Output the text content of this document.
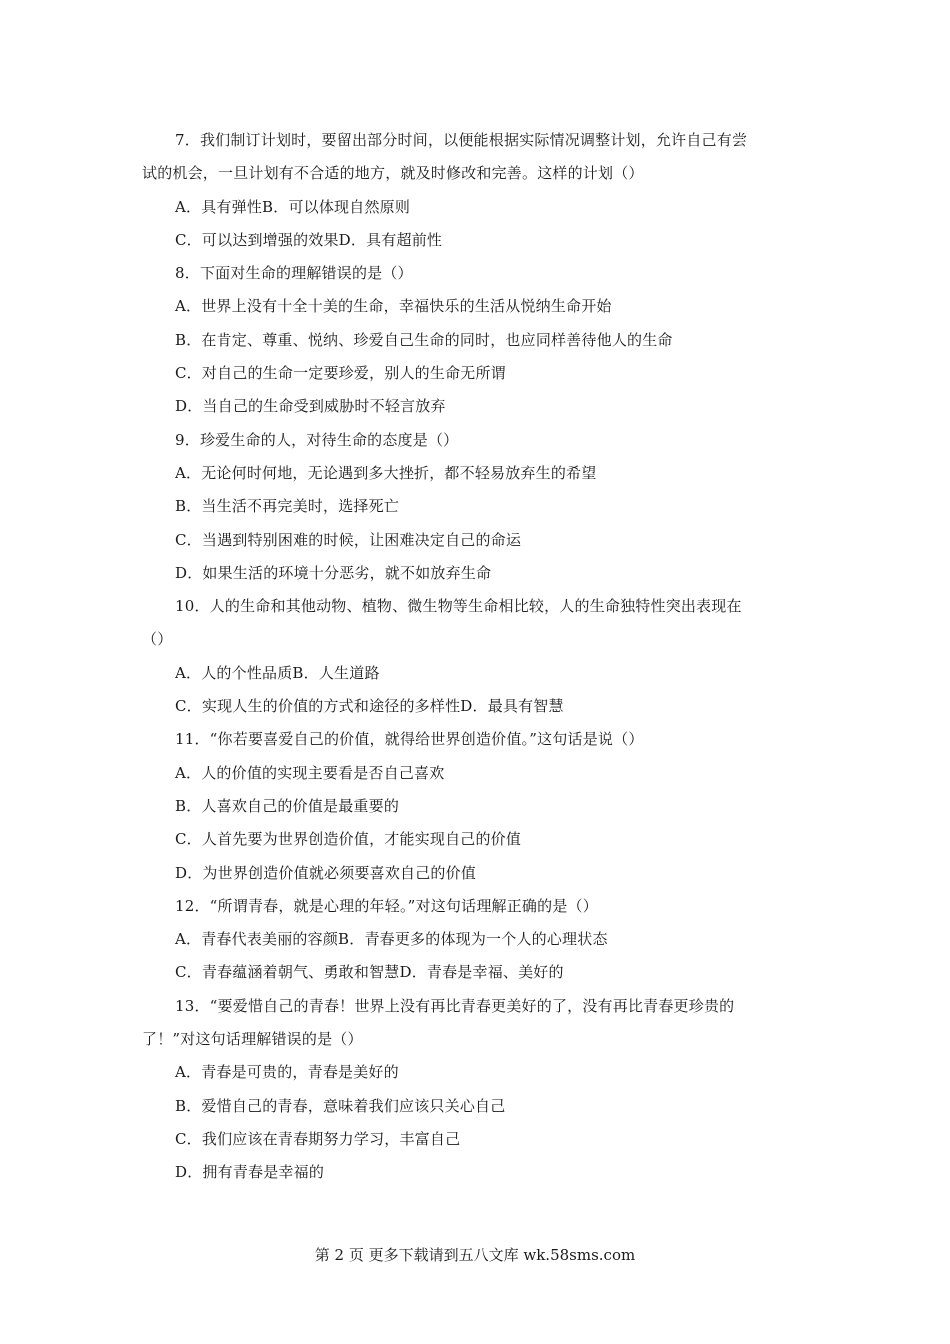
7．我们制订计划时，要留出部分时间，以便能根据实际情况调整计划，允许自己有尝
试的机会，一旦计划有不合适的地方，就及时修改和完善。这样的计划（）
A．具有弹性B．可以体现自然原则
C．可以达到增强的效果D．具有超前性
8．下面对生命的理解错误的是（）
A．世界上没有十全十美的生命，幸福快乐的生活从悦纳生命开始
B．在肯定、尊重、悦纳、珍爱自己生命的同时，也应同样善待他人的生命
C．对自己的生命一定要珍爱，别人的生命无所谓
D．当自己的生命受到威胁时不轻言放弃
9．珍爱生命的人，对待生命的态度是（）
A．无论何时何地，无论遇到多大挫折，都不轻易放弃生的希望
B．当生活不再完美时，选择死亡
C．当遇到特别困难的时候，让困难决定自己的命运
D．如果生活的环境十分恶劣，就不如放弃生命
10．人的生命和其他动物、植物、微生物等生命相比较，人的生命独特性突出表现在
（）
A．人的个性品质B．人生道路
C．实现人生的价值的方式和途径的多样性D．最具有智慧
11．“你若要喜爱自己的价值，就得给世界创造价值。”这句话是说（）
A．人的价值的实现主要看是否自己喜欢
B．人喜欢自己的价值是最重要的
C．人首先要为世界创造价值，才能实现自己的价值
D．为世界创造价值就必须要喜欢自己的价值
12．“所谓青春，就是心理的年轻。”对这句话理解正确的是（）
A．青春代表美丽的容颜B．青春更多的体现为一个人的心理状态
C．青春蕴涵着朝气、勇敢和智慧D．青春是幸福、美好的
13．“要爱惜自己的青春！世界上没有再比青春更美好的了，没有再比青春更珍贵的
了！”对这句话理解错误的是（）
A．青春是可贵的，青春是美好的
B．爱惜自己的青春，意味着我们应该只关心自己
C．我们应该在青春期努力学习，丰富自己
D．拥有青春是幸福的
第 2 页 更多下载请到五八文库 wk.58sms.com
